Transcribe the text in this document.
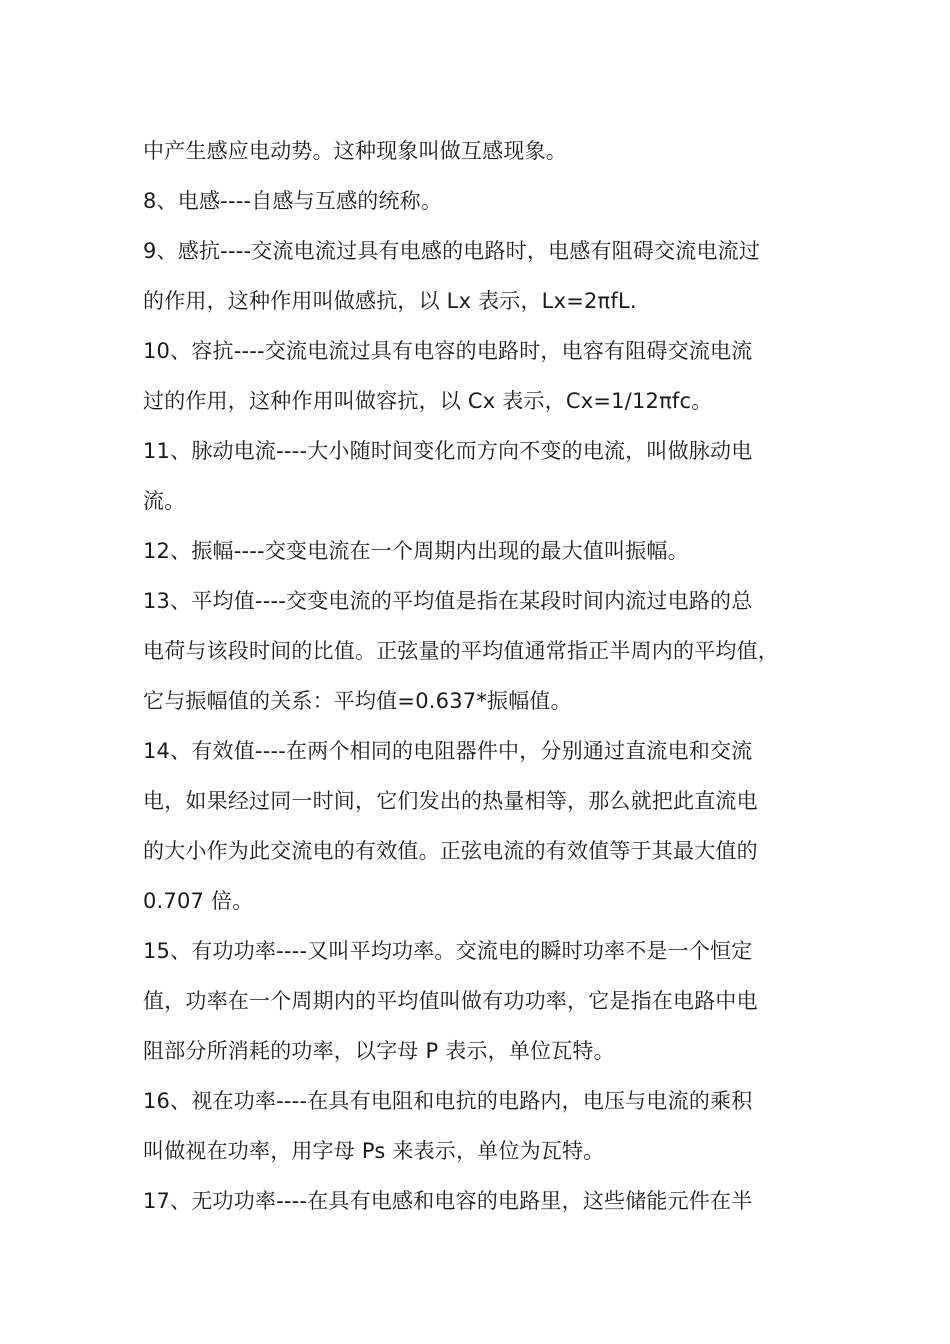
中产生感应电动势。这种现象叫做互感现象。
8、电感----自感与互感的统称。
9、感抗----交流电流过具有电感的电路时，电感有阻碍交流电流过
的作用，这种作用叫做感抗，以 Lx 表示，Lx=2πfL.
10、容抗----交流电流过具有电容的电路时，电容有阻碍交流电流
过的作用，这种作用叫做容抗，以 Cx 表示，Cx=1/12πfc。
11、脉动电流----大小随时间变化而方向不变的电流，叫做脉动电
流。
12、振幅----交变电流在一个周期内出现的最大值叫振幅。
13、平均值----交变电流的平均值是指在某段时间内流过电路的总
电荷与该段时间的比值。正弦量的平均值通常指正半周内的平均值，
它与振幅值的关系：平均值=0.637*振幅值。
14、有效值----在两个相同的电阻器件中，分别通过直流电和交流
电，如果经过同一时间，它们发出的热量相等，那么就把此直流电
的大小作为此交流电的有效值。正弦电流的有效值等于其最大值的
0.707 倍。
15、有功功率----又叫平均功率。交流电的瞬时功率不是一个恒定
值，功率在一个周期内的平均值叫做有功功率，它是指在电路中电
阻部分所消耗的功率，以字母 P 表示，单位瓦特。
16、视在功率----在具有电阻和电抗的电路内，电压与电流的乘积
叫做视在功率，用字母 Ps 来表示，单位为瓦特。
17、无功功率----在具有电感和电容的电路里，这些储能元件在半
